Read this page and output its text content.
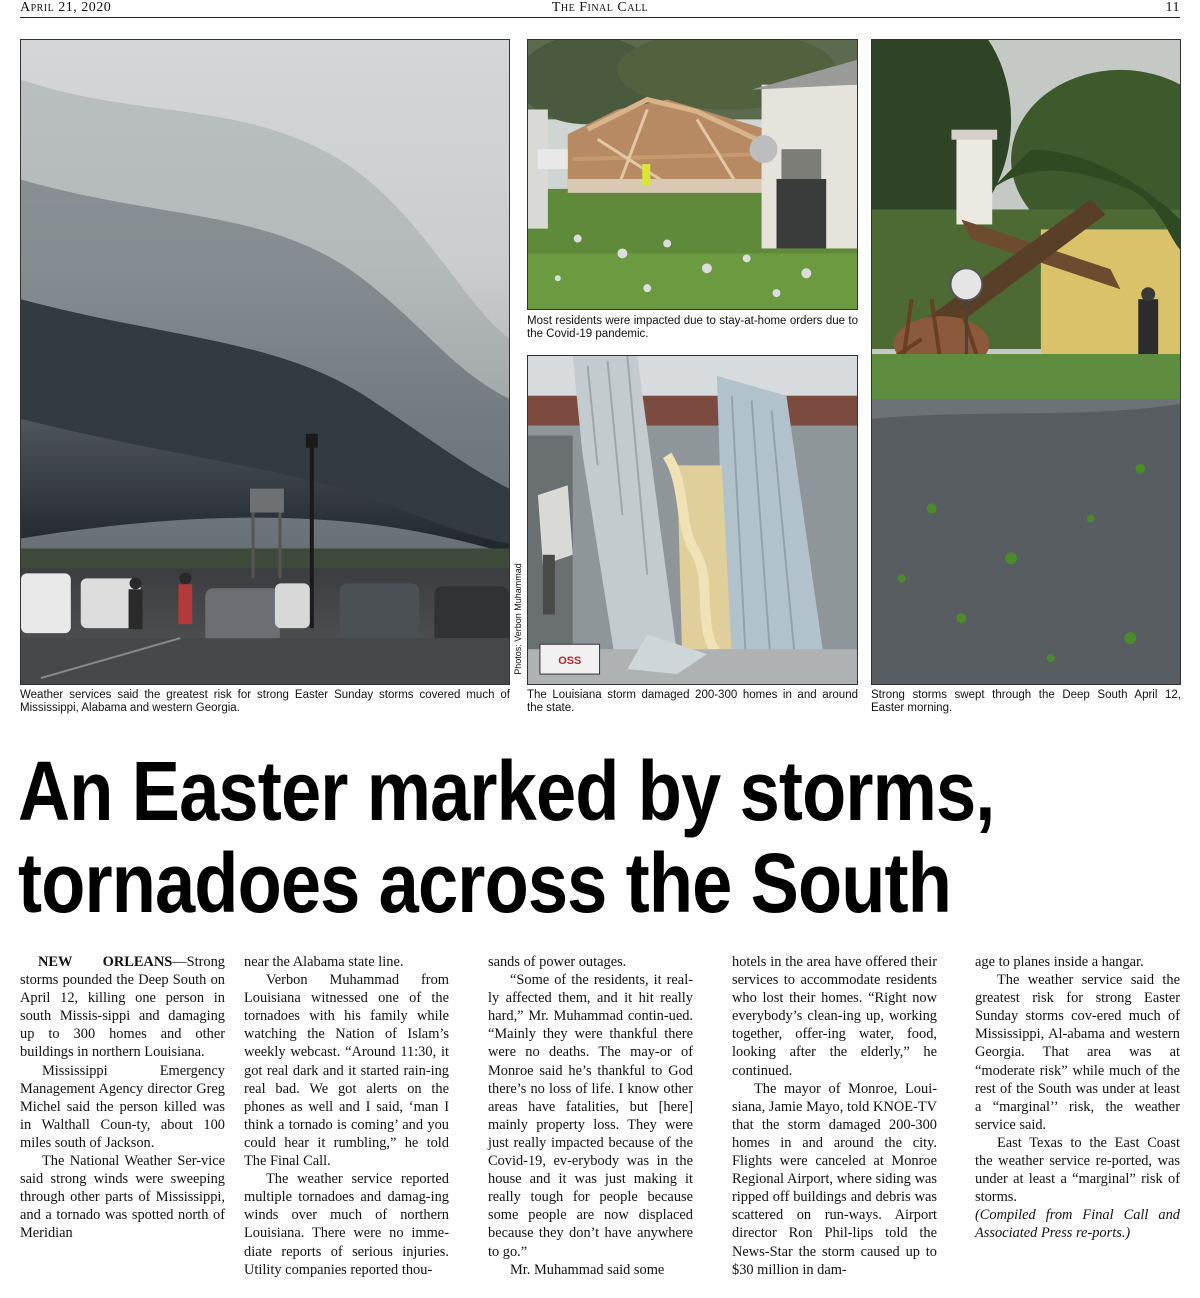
April 21, 2020	The Final Call	11
Photos: Verbon Muhammad
Most residents were impacted due to stay-at-home orders due to the Covid-19 pandemic.
OSS
The Louisiana storm damaged 200-300 homes in and around the state.
Weather services said the greatest risk for strong Easter Sunday storms covered much of Mississippi, Alabama and western Georgia.
Strong storms swept through the Deep South April 12, Easter morning.
An Easter marked by storms,
tornadoes across the South

NEW ORLEANS—Strong storms pounded the Deep South on April 12, killing one person in south Missis-sippi and damaging up to 300 homes and other buildings in northern Louisiana.

Mississippi Emergency Management Agency director Greg Michel said the person killed was in Walthall Coun-ty, about 100 miles south of Jackson.

The National Weather Ser-vice said strong winds were sweeping through other parts of Mississippi, and a tornado was spotted north of Meridian

near the Alabama state line.

Verbon Muhammad from Louisiana witnessed one of the tornadoes with his family while watching the Nation of Islam’s weekly webcast. “Around 11:30, it got real dark and it started rain-ing real bad. We got alerts on the phones as well and I said, ‘man I think a tornado is coming’ and you could hear it rumbling,” he told The Final Call.

The weather service reported multiple tornadoes and damag-ing winds over much of northern Louisiana. There were no imme-diate reports of serious injuries. Utility companies reported thou-

sands of power outages.

“Some of the residents, it real-ly affected them, and it hit really hard,” Mr. Muhammad contin-ued. “Mainly they were thankful there were no deaths. The may-or of Monroe said he’s thankful to God there’s no loss of life. I know other areas have fatalities, but [here] mainly property loss. They were just really impacted because of the Covid-19, ev-erybody was in the house and it was just making it really tough for people because some people are now displaced because they don’t have anywhere to go.”

Mr. Muhammad said some

hotels in the area have offered their services to accommodate residents who lost their homes. “Right now everybody’s clean-ing up, working together, offer-ing water, food, looking after the elderly,” he continued.

The mayor of Monroe, Loui-siana, Jamie Mayo, told KNOE-TV that the storm damaged 200-300 homes in and around the city. Flights were canceled at Monroe Regional Airport, where siding was ripped off buildings and debris was scattered on run-ways. Airport director Ron Phil-lips told the News-Star the storm caused up to $30 million in dam-

age to planes inside a hangar.

The weather service said the greatest risk for strong Easter Sunday storms cov-ered much of Mississippi, Al-abama and western Georgia. That area was at “moderate risk” while much of the rest of the South was under at least a “marginal’’ risk, the weather service said.

East Texas to the East Coast the weather service re-ported, was under at least a “marginal” risk of storms.

(Compiled from Final Call and Associated Press re-ports.)
